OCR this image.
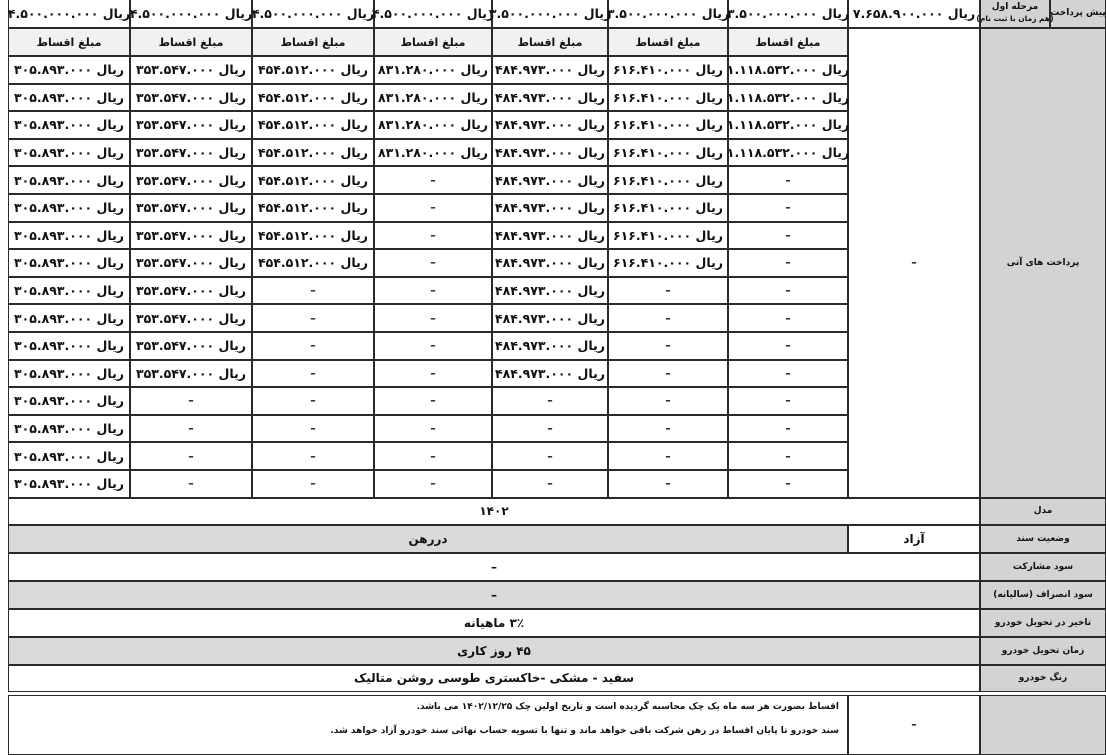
پیش پرداخت
مرحله اول
(هم زمان با ثبت نام)
۷.۶۵۸.۹۰۰.۰۰۰ ریال
۳.۵۰۰.۰۰۰.۰۰۰ ریال
۳.۵۰۰.۰۰۰.۰۰۰ ریال
۳.۵۰۰.۰۰۰.۰۰۰ ریال
۴.۵۰۰.۰۰۰.۰۰۰ ریال
۴.۵۰۰.۰۰۰.۰۰۰ ریال
۴.۵۰۰.۰۰۰.۰۰۰ ریال
۴.۵۰۰.۰۰۰.۰۰۰ ریال
پرداخت های آتی
–
مبلغ اقساط
۱.۱۱۸.۵۳۲.۰۰۰ ریال
۱.۱۱۸.۵۳۲.۰۰۰ ریال
۱.۱۱۸.۵۳۲.۰۰۰ ریال
۱.۱۱۸.۵۳۲.۰۰۰ ریال
–
–
–
–
–
–
–
–
–
–
–
–
مبلغ اقساط
۶۱۶.۴۱۰.۰۰۰ ریال
۶۱۶.۴۱۰.۰۰۰ ریال
۶۱۶.۴۱۰.۰۰۰ ریال
۶۱۶.۴۱۰.۰۰۰ ریال
۶۱۶.۴۱۰.۰۰۰ ریال
۶۱۶.۴۱۰.۰۰۰ ریال
۶۱۶.۴۱۰.۰۰۰ ریال
۶۱۶.۴۱۰.۰۰۰ ریال
–
–
–
–
–
–
–
–
مبلغ اقساط
۴۸۴.۹۷۳.۰۰۰ ریال
۴۸۴.۹۷۳.۰۰۰ ریال
۴۸۴.۹۷۳.۰۰۰ ریال
۴۸۴.۹۷۳.۰۰۰ ریال
۴۸۴.۹۷۳.۰۰۰ ریال
۴۸۴.۹۷۳.۰۰۰ ریال
۴۸۴.۹۷۳.۰۰۰ ریال
۴۸۴.۹۷۳.۰۰۰ ریال
۴۸۴.۹۷۳.۰۰۰ ریال
۴۸۴.۹۷۳.۰۰۰ ریال
۴۸۴.۹۷۳.۰۰۰ ریال
۴۸۴.۹۷۳.۰۰۰ ریال
–
–
–
–
مبلغ اقساط
۸۳۱.۲۸۰.۰۰۰ ریال
۸۳۱.۲۸۰.۰۰۰ ریال
۸۳۱.۲۸۰.۰۰۰ ریال
۸۳۱.۲۸۰.۰۰۰ ریال
–
–
–
–
–
–
–
–
–
–
–
–
مبلغ اقساط
۴۵۴.۵۱۲.۰۰۰ ریال
۴۵۴.۵۱۲.۰۰۰ ریال
۴۵۴.۵۱۲.۰۰۰ ریال
۴۵۴.۵۱۲.۰۰۰ ریال
۴۵۴.۵۱۲.۰۰۰ ریال
۴۵۴.۵۱۲.۰۰۰ ریال
۴۵۴.۵۱۲.۰۰۰ ریال
۴۵۴.۵۱۲.۰۰۰ ریال
–
–
–
–
–
–
–
–
مبلغ اقساط
۳۵۳.۵۴۷.۰۰۰ ریال
۳۵۳.۵۴۷.۰۰۰ ریال
۳۵۳.۵۴۷.۰۰۰ ریال
۳۵۳.۵۴۷.۰۰۰ ریال
۳۵۳.۵۴۷.۰۰۰ ریال
۳۵۳.۵۴۷.۰۰۰ ریال
۳۵۳.۵۴۷.۰۰۰ ریال
۳۵۳.۵۴۷.۰۰۰ ریال
۳۵۳.۵۴۷.۰۰۰ ریال
۳۵۳.۵۴۷.۰۰۰ ریال
۳۵۳.۵۴۷.۰۰۰ ریال
۳۵۳.۵۴۷.۰۰۰ ریال
–
–
–
–
مبلغ اقساط
۳۰۵.۸۹۳.۰۰۰ ریال
۳۰۵.۸۹۳.۰۰۰ ریال
۳۰۵.۸۹۳.۰۰۰ ریال
۳۰۵.۸۹۳.۰۰۰ ریال
۳۰۵.۸۹۳.۰۰۰ ریال
۳۰۵.۸۹۳.۰۰۰ ریال
۳۰۵.۸۹۳.۰۰۰ ریال
۳۰۵.۸۹۳.۰۰۰ ریال
۳۰۵.۸۹۳.۰۰۰ ریال
۳۰۵.۸۹۳.۰۰۰ ریال
۳۰۵.۸۹۳.۰۰۰ ریال
۳۰۵.۸۹۳.۰۰۰ ریال
۳۰۵.۸۹۳.۰۰۰ ریال
۳۰۵.۸۹۳.۰۰۰ ریال
۳۰۵.۸۹۳.۰۰۰ ریال
۳۰۵.۸۹۳.۰۰۰ ریال
مدل
۱۴۰۲
وضعیت سند
آزاد
دررهن
سود مشارکت
–
سود انصراف (سالیانه)
–
تاخیر در تحویل خودرو
۳٪ ماهیانه
زمان تحویل خودرو
۴۵ روز کاری
رنگ خودرو
سفید - مشکی -خاکستری طوسی روشن متالیک
–
اقساط بصورت هر سه ماه یک چک محاسبه گردیده است و تاریخ اولین چک ۱۴۰۲/۱۲/۲۵ می باشد.
سند خودرو تا پایان اقساط در رهن شرکت باقی خواهد ماند و تنها با تسویه حساب نهائی سند خودرو آزاد خواهد شد.
